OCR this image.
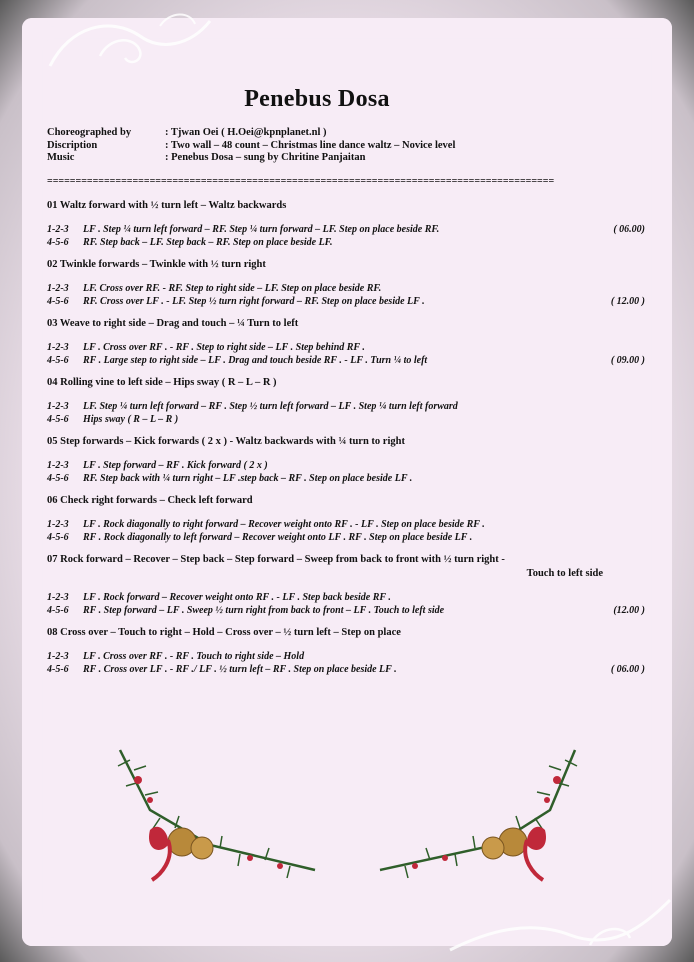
Penebus Dosa
Choreographed by	: Tjwan Oei ( H.Oei@kpnplanet.nl )
Discription	: Two wall – 48 count – Christmas line dance waltz – Novice level
Music	: Penebus Dosa – sung by Chritine Panjaitan
=========================================================================================
01 Waltz forward with ½ turn left – Waltz backwards
1-2-3 LF . Step ¼ turn left forward – RF. Step ¼ turn forward – LF. Step on place beside RF.	( 06.00)
4-5-6 RF. Step back – LF. Step back – RF. Step on place beside LF.
02 Twinkle forwards – Twinkle with ½ turn right
1-2-3 LF. Cross over RF. - RF. Step to right side – LF. Step on place beside RF.
4-5-6 RF. Cross over LF . - LF. Step ½ turn right forward – RF. Step on place beside LF .	( 12.00 )
03 Weave to right side – Drag and touch – ¼ Turn to left
1-2-3 LF . Cross over RF . - RF . Step to right side – LF . Step behind RF .
4-5-6 RF . Large step to right side – LF . Drag and touch beside RF . - LF . Turn ¼ to left	( 09.00 )
04 Rolling vine to left side – Hips sway ( R – L – R )
1-2-3 LF. Step ¼ turn left forward – RF . Step ½ turn left forward – LF . Step ¼ turn left forward
4-5-6 Hips sway ( R – L – R )
05 Step forwards – Kick forwards ( 2 x ) - Waltz backwards with ¼ turn to right
1-2-3 LF . Step forward – RF . Kick forward ( 2 x )
4-5-6 RF. Step back with ¼ turn right – LF .step back – RF . Step on place beside LF .
06 Check right forwards – Check left forward
1-2-3 LF . Rock diagonally to right forward – Recover weight onto RF . - LF . Step on place beside RF .
4-5-6 RF . Rock diagonally to left forward – Recover weight onto LF . RF . Step on place beside LF .
07 Rock forward – Recover – Step back – Step forward – Sweep from back to front with ½ turn right -
Touch to left side
1-2-3 LF . Rock forward – Recover weight onto RF . - LF . Step back beside RF .
4-5-6 RF . Step forward – LF . Sweep ½ turn right from back to front – LF . Touch to left side	(12.00 )
08 Cross over – Touch to right – Hold – Cross over – ½ turn left – Step on place
1-2-3 LF . Cross over RF . - RF . Touch to right side – Hold
4-5-6 RF . Cross over LF . - RF ./ LF . ½ turn left – RF . Step on place beside LF .	( 06.00 )
